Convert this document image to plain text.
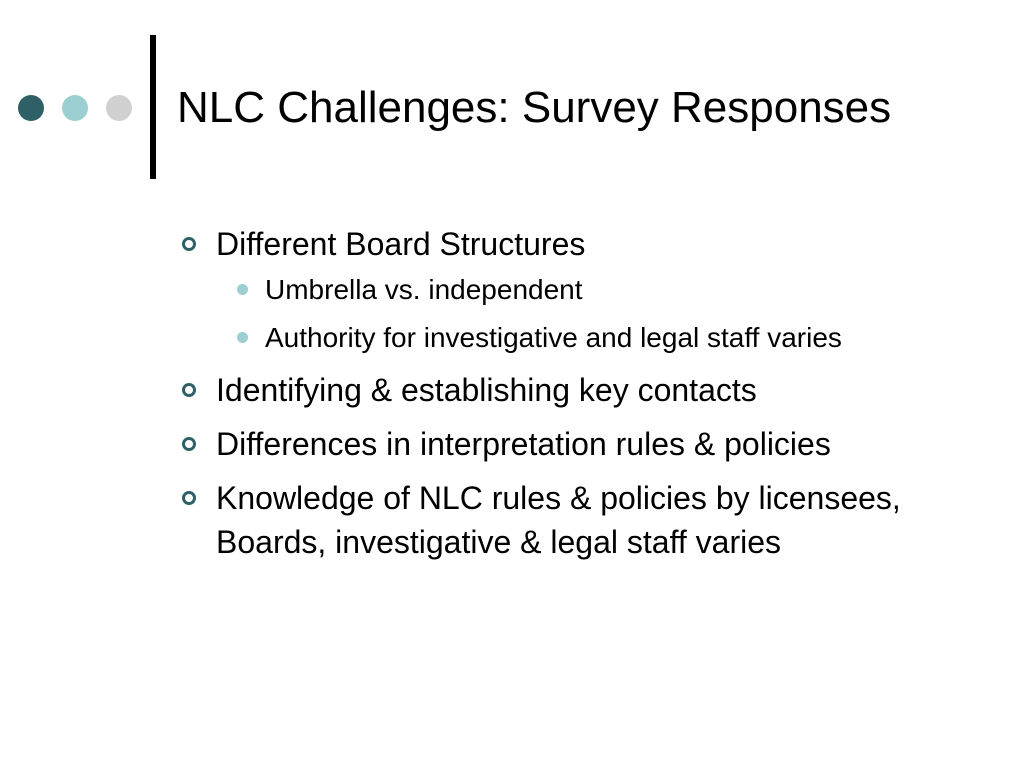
NLC Challenges: Survey Responses
Different Board Structures
Umbrella vs. independent
Authority for investigative and legal staff varies
Identifying & establishing key contacts
Differences in interpretation rules & policies
Knowledge of NLC rules & policies by licensees, Boards, investigative & legal staff varies
